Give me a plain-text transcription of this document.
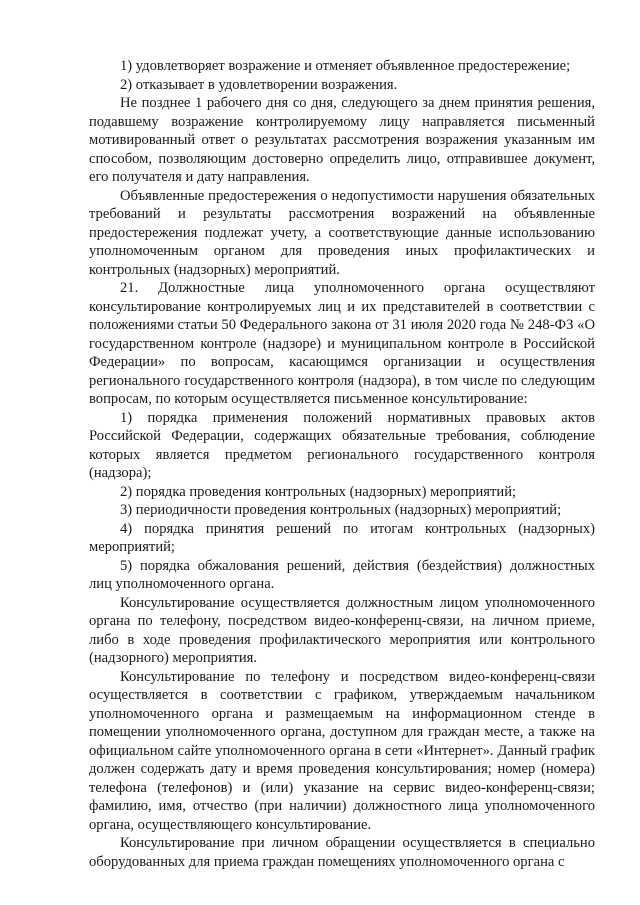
1) удовлетворяет возражение и отменяет объявленное предостережение;

2) отказывает в удовлетворении возражения.

Не позднее 1 рабочего дня со дня, следующего за днем принятия решения, подавшему возражение контролируемому лицу направляется письменный мотивированный ответ о результатах рассмотрения возражения указанным им способом, позволяющим достоверно определить лицо, отправившее документ, его получателя и дату направления.

Объявленные предостережения о недопустимости нарушения обязательных требований и результаты рассмотрения возражений на объявленные предостережения подлежат учету, а соответствующие данные использованию уполномоченным органом для проведения иных профилактических и контрольных (надзорных) мероприятий.

21. Должностные лица уполномоченного органа осуществляют консультирование контролируемых лиц и их представителей в соответствии с положениями статьи 50 Федерального закона от 31 июля 2020 года № 248-ФЗ «О государственном контроле (надзоре) и муниципальном контроле в Российской Федерации» по вопросам, касающимся организации и осуществления регионального государственного контроля (надзора), в том числе по следующим вопросам, по которым осуществляется письменное консультирование:

1) порядка применения положений нормативных правовых актов Российской Федерации, содержащих обязательные требования, соблюдение которых является предметом регионального государственного контроля (надзора);

2) порядка проведения контрольных (надзорных) мероприятий;

3) периодичности проведения контрольных (надзорных) мероприятий;

4) порядка принятия решений по итогам контрольных (надзорных) мероприятий;

5) порядка обжалования решений, действия (бездействия) должностных лиц уполномоченного органа.

Консультирование осуществляется должностным лицом уполномоченного органа по телефону, посредством видео-конференц-связи, на личном приеме, либо в ходе проведения профилактического мероприятия или контрольного (надзорного) мероприятия.

Консультирование по телефону и посредством видео-конференц-связи осуществляется в соответствии с графиком, утверждаемым начальником уполномоченного органа и размещаемым на информационном стенде в помещении уполномоченного органа, доступном для граждан месте, а также на официальном сайте уполномоченного органа в сети «Интернет». Данный график должен содержать дату и время проведения консультирования; номер (номера) телефона (телефонов) и (или) указание на сервис видео-конференц-связи; фамилию, имя, отчество (при наличии) должностного лица уполномоченного органа, осуществляющего консультирование.

Консультирование при личном обращении осуществляется в специально оборудованных для приема граждан помещениях уполномоченного органа с
